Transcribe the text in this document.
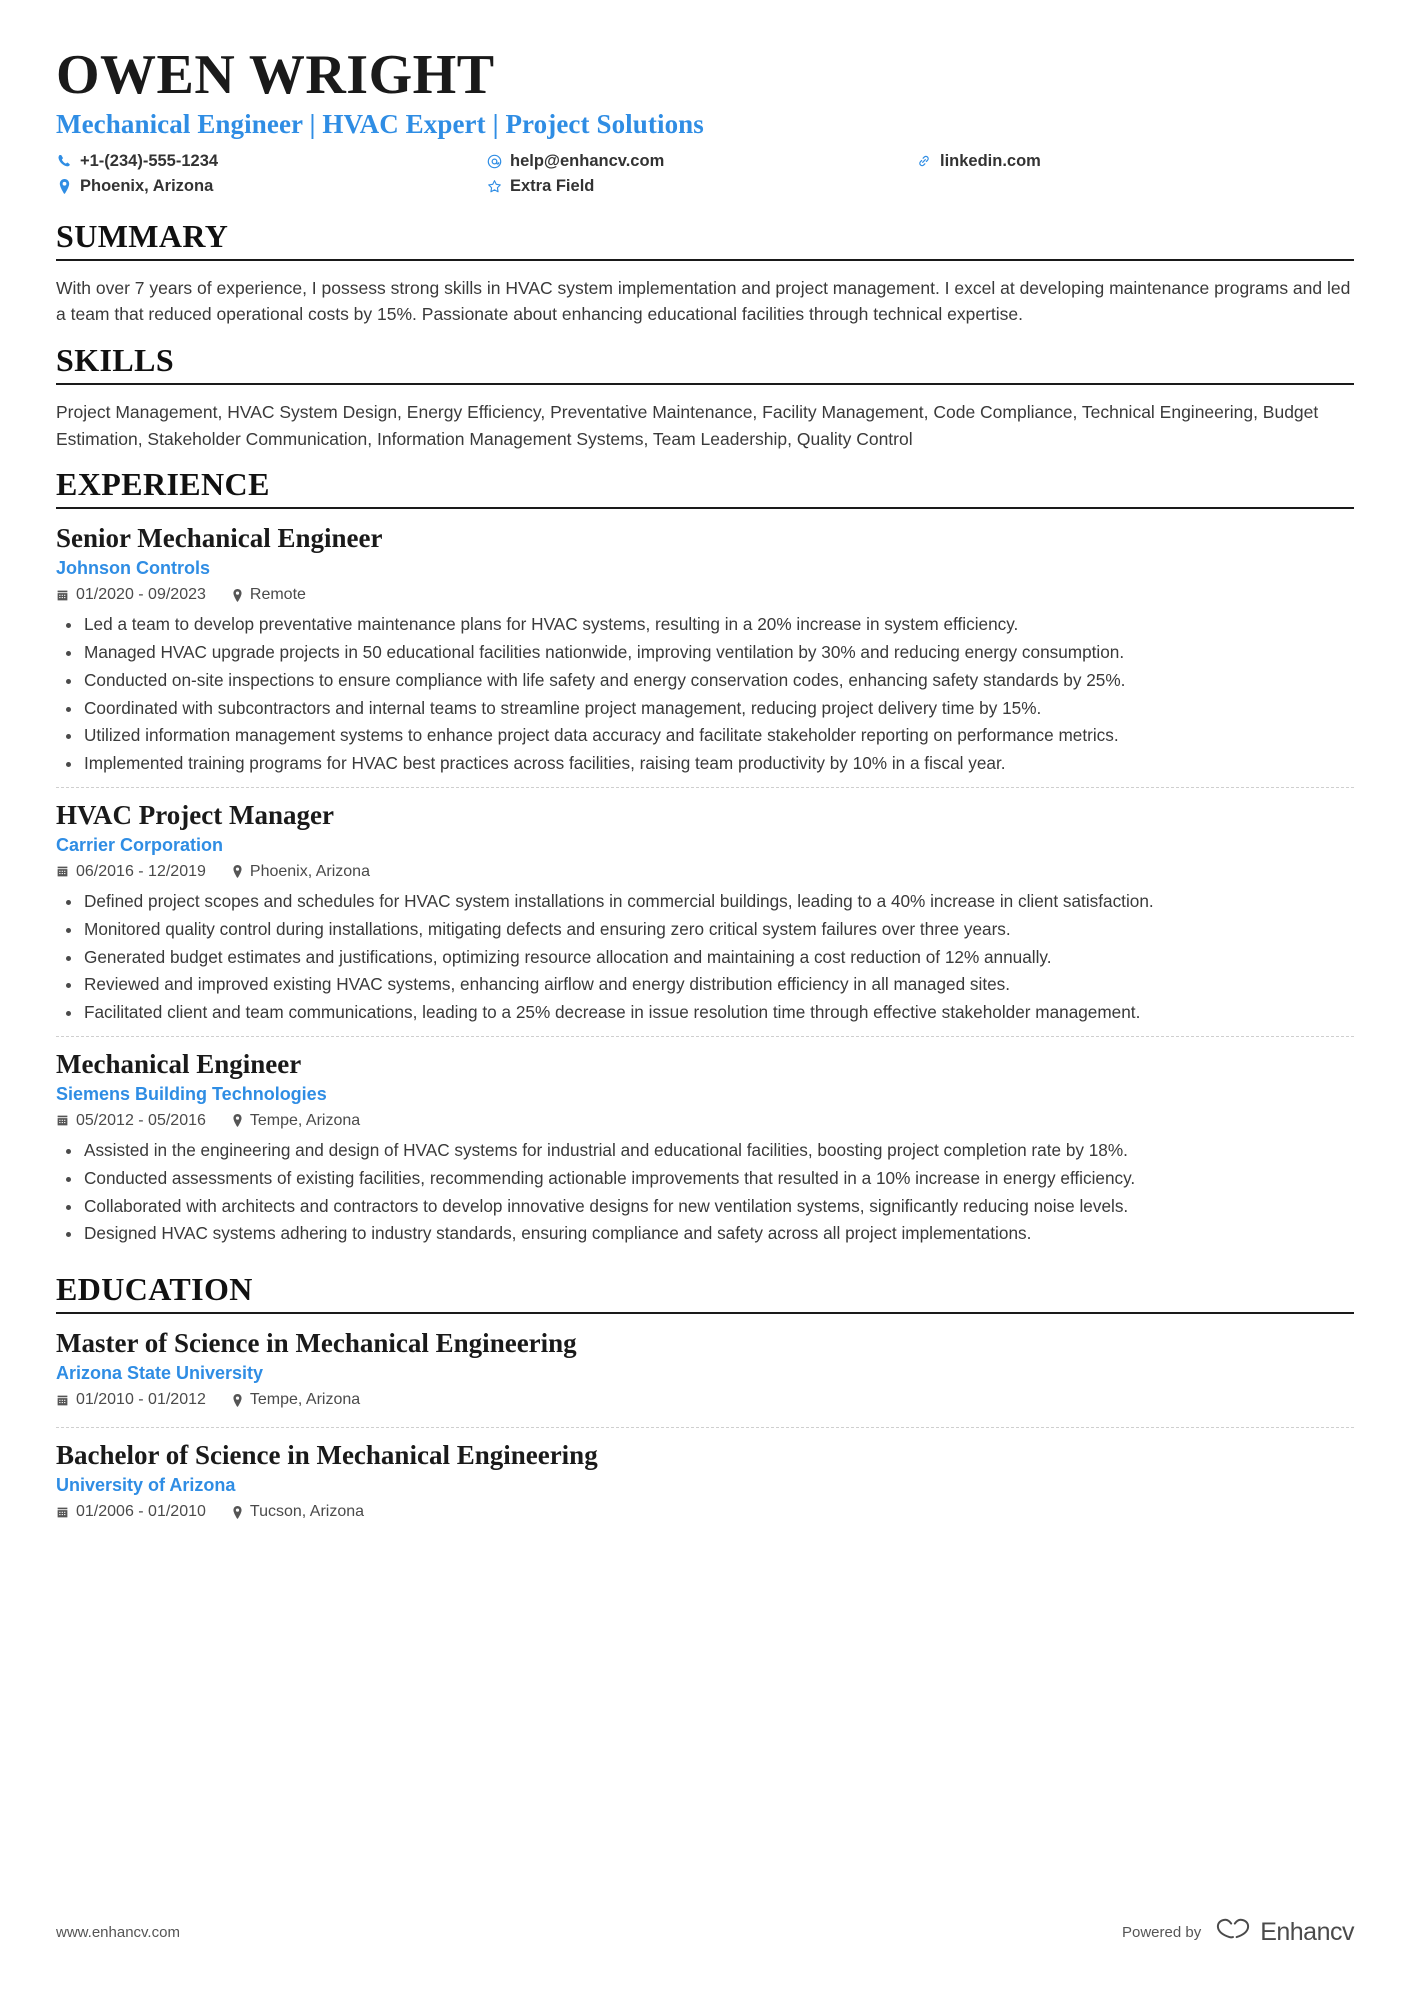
OWEN WRIGHT
Mechanical Engineer | HVAC Expert | Project Solutions
+1-(234)-555-1234	help@enhancv.com	linkedin.com
Phoenix, Arizona	Extra Field
SUMMARY

With over 7 years of experience, I possess strong skills in HVAC system implementation and project management. I excel at developing maintenance programs and led a team that reduced operational costs by 15%. Passionate about enhancing educational facilities through technical expertise.

SKILLS

Project Management, HVAC System Design, Energy Efficiency, Preventative Maintenance, Facility Management, Code Compliance, Technical Engineering, Budget Estimation, Stakeholder Communication, Information Management Systems, Team Leadership, Quality Control

EXPERIENCE
Senior Mechanical Engineer
Johnson Controls
01/2020 - 09/2023	Remote
Led a team to develop preventative maintenance plans for HVAC systems, resulting in a 20% increase in system efficiency.
Managed HVAC upgrade projects in 50 educational facilities nationwide, improving ventilation by 30% and reducing energy consumption.
Conducted on-site inspections to ensure compliance with life safety and energy conservation codes, enhancing safety standards by 25%.
Coordinated with subcontractors and internal teams to streamline project management, reducing project delivery time by 15%.
Utilized information management systems to enhance project data accuracy and facilitate stakeholder reporting on performance metrics.
Implemented training programs for HVAC best practices across facilities, raising team productivity by 10% in a fiscal year.
HVAC Project Manager
Carrier Corporation
06/2016 - 12/2019	Phoenix, Arizona
Defined project scopes and schedules for HVAC system installations in commercial buildings, leading to a 40% increase in client satisfaction.
Monitored quality control during installations, mitigating defects and ensuring zero critical system failures over three years.
Generated budget estimates and justifications, optimizing resource allocation and maintaining a cost reduction of 12% annually.
Reviewed and improved existing HVAC systems, enhancing airflow and energy distribution efficiency in all managed sites.
Facilitated client and team communications, leading to a 25% decrease in issue resolution time through effective stakeholder management.
Mechanical Engineer
Siemens Building Technologies
05/2012 - 05/2016	Tempe, Arizona
Assisted in the engineering and design of HVAC systems for industrial and educational facilities, boosting project completion rate by 18%.
Conducted assessments of existing facilities, recommending actionable improvements that resulted in a 10% increase in energy efficiency.
Collaborated with architects and contractors to develop innovative designs for new ventilation systems, significantly reducing noise levels.
Designed HVAC systems adhering to industry standards, ensuring compliance and safety across all project implementations.
EDUCATION
Master of Science in Mechanical Engineering
Arizona State University
01/2010 - 01/2012	Tempe, Arizona
Bachelor of Science in Mechanical Engineering
University of Arizona
01/2006 - 01/2010	Tucson, Arizona
www.enhancv.com	Powered by Enhancv
